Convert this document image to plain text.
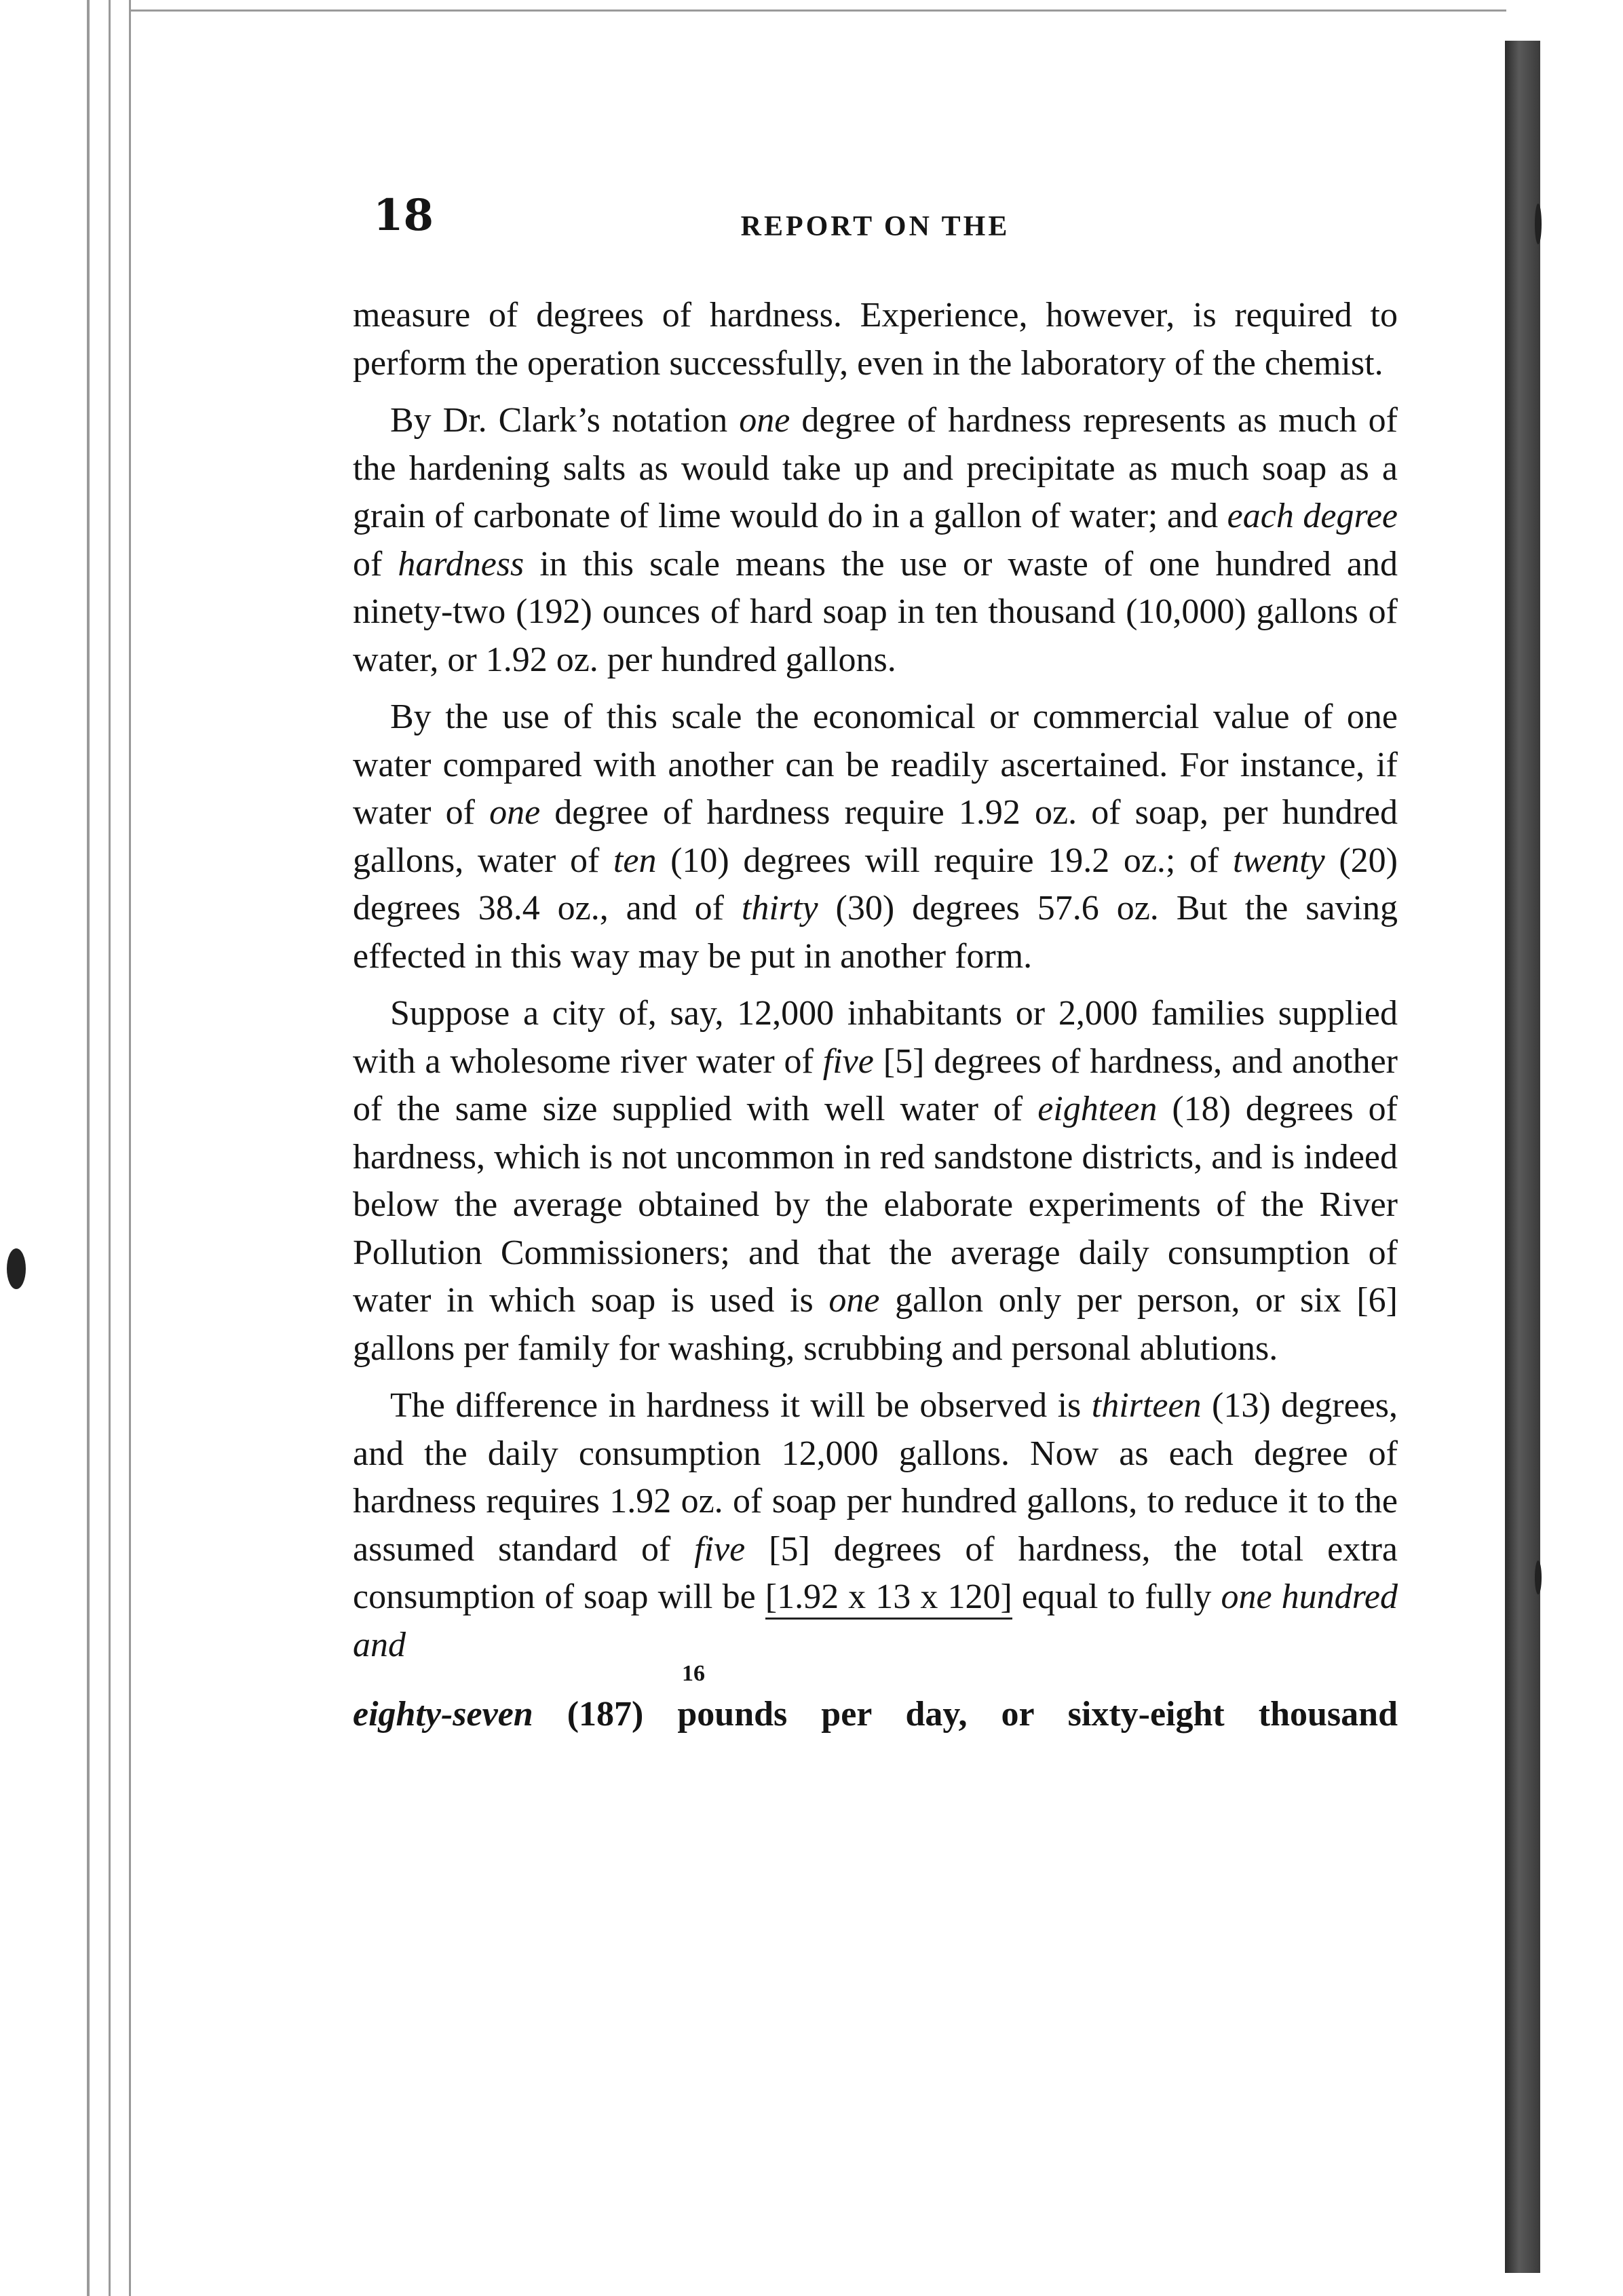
18	REPORT ON THE

measure of degrees of hardness. Experience, however, is required to perform the operation successfully, even in the laboratory of the chemist.

By Dr. Clark’s notation one degree of hardness represents as much of the hardening salts as would take up and precipitate as much soap as a grain of carbonate of lime would do in a gallon of water; and each degree of hardness in this scale means the use or waste of one hundred and ninety-two (192) ounces of hard soap in ten thousand (10,000) gallons of water, or 1.92 oz. per hundred gallons.

By the use of this scale the economical or commercial value of one water compared with another can be readily ascertained. For instance, if water of one degree of hardness require 1.92 oz. of soap, per hundred gallons, water of ten (10) degrees will require 19.2 oz.; of twenty (20) degrees 38.4 oz., and of thirty (30) degrees 57.6 oz. But the saving effected in this way may be put in another form.

Suppose a city of, say, 12,000 inhabitants or 2,000 families supplied with a wholesome river water of five [5] degrees of hardness, and another of the same size supplied with well water of eighteen (18) degrees of hardness, which is not uncommon in red sandstone districts, and is indeed below the average obtained by the elaborate experiments of the River Pollution Commissioners; and that the average daily consumption of water in which soap is used is one gallon only per person, or six [6] gallons per family for washing, scrubbing and personal ablutions.

The difference in hardness it will be observed is thirteen (13) degrees, and the daily consumption 12,000 gallons. Now as each degree of hardness requires 1.92 oz. of soap per hundred gallons, to reduce it to the assumed standard of five [5] degrees of hardness, the total extra consumption of soap will be [1.92 x 13 x 120] equal to fully one hundred and

16
eighty-seven (187) pounds per day, or sixty-eight thousand
